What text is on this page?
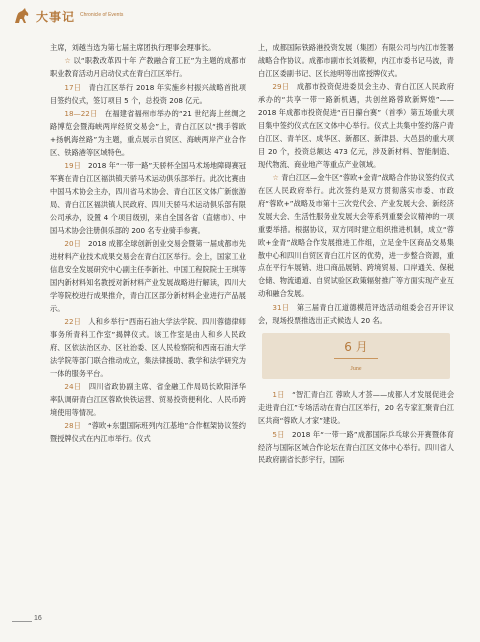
大事记 Chronicle of Events

主席，刘越当选为第七届主席团执行理事会理事长。

☆ 以“职教改革四十年 产教融合育工匠”为主题的成都市职业教育活动月启动仪式在青白江区举行。

17日　 青白江区举行 2018 年实施乡村振兴战略首批项目签约仪式，签订项目 5 个，总投资 208 亿元。

18—22日　 在福建省福州市举办的“21 世纪海上丝绸之路博览会暨海峡两岸经贸交易会”上，青白江区以“携手蓉欧+扬帆海丝路”为主题，重点展示自贸区、海峡两岸产业合作区、铁路港等区域特色。

19日　 2018 年“一带一路”天骄杯全国马术场地障碍赛冠军赛在青白江区福洪镇天骄马术运动俱乐部举行。此次比赛由中国马术协会主办，四川省马术协会、青白江区文体广新旅游局、青白江区福洪镇人民政府、四川天骄马术运动俱乐部有限公司承办，设置 4 个项目级别，来自全国各省（直辖市）、中国马术协会注册俱乐部的 200 名专业骑手参赛。

20日　 2018 成都全球创新创业交易会暨第一届成都市先进材料产业技术成果交易会在青白江区举行。会上，国家工业信息安全发展研究中心副主任李新社、中国工程院院士王琪等国内新材料知名教授对新材料产业发展战略进行解读，四川大学等院校进行成果推介，青白江区部分新材料企业进行产品展示。

22日　 人和乡举行“西南石油大学法学院、四川蓉德律师事务所青科工作室”揭牌仪式。该工作室是由人和乡人民政府、区依法治区办、区社治委、区人民检察院和西南石油大学法学院等部门联合推动成立，集法律援助、教学和法学研究为一体的服务平台。

24日　 四川省政协副主席、省金融工作局局长欧阳泽华率队调研青白江区蓉欧快铁运营、贸易投资便利化、人民币跨境使用等情况。

28日　 “蓉欧+东盟国际班列内江基地”合作框架协议签约暨授牌仪式在内江市举行。仪式

上，成都国际铁路港投资发展（集团）有限公司与内江市签署战略合作协议。成都市副市长刘筱柳，内江市委书记马波，青白江区委副书记、区长池明等出席授牌仪式。

29日　 成都市投资促进委员会主办、青白江区人民政府承办的“共享一带一路新机遇，共创丝路蓉欧新辉煌”——2018 年成都市投资促进“百日攥台赛”（首季）第五场重大项目集中签约仪式在区文体中心举行。仪式上共集中签约落户青白江区、青羊区、成华区、新都区、新津县、大邑县的重大项目 20 个，投资总额达 473 亿元，涉及新材料、智能制造、现代物流、商业地产等重点产业领域。

☆ 青白江区—金牛区“蓉欧+金青”战略合作协议签约仪式在区人民政府举行。此次签约是双方贯彻落实市委、市政府“蓉欧+”战略及市第十三次党代会、产业发展大会、新经济发展大会、生活性服务业发展大会等系列重要会议精神的一项重要举措。根据协议，双方同时建立组织推进机制，成立“蓉欧+金青”战略合作发展推进工作组，立足金牛区商品交易集散中心和四川自贸区青白江片区的优势，进一步整合资源，重点在平行车展销、进口商品展销、跨境贸易、口岸通关、保税仓储、物流通道、自贸试验区政策辐射推广等方面实现产业互动和融合发展。

31日　 第三届青白江道德模范评选活动组委会召开评议会，现场投票推选出正式候选人 20 名。

6 月
June

1日　 “智汇青白江 蓉欧人才荟——成都人才发展促进会走进青白江”专场活动在青白江区举行，20 名专家汇聚青白江区共商“蓉欧人才家”建设。

5日　 2018 年“一带一路”成都国际乒乓球公开赛暨体育经济与国际区域合作论坛在青白江区文体中心举行。四川省人民政府副省长彭宇行，国际

16
